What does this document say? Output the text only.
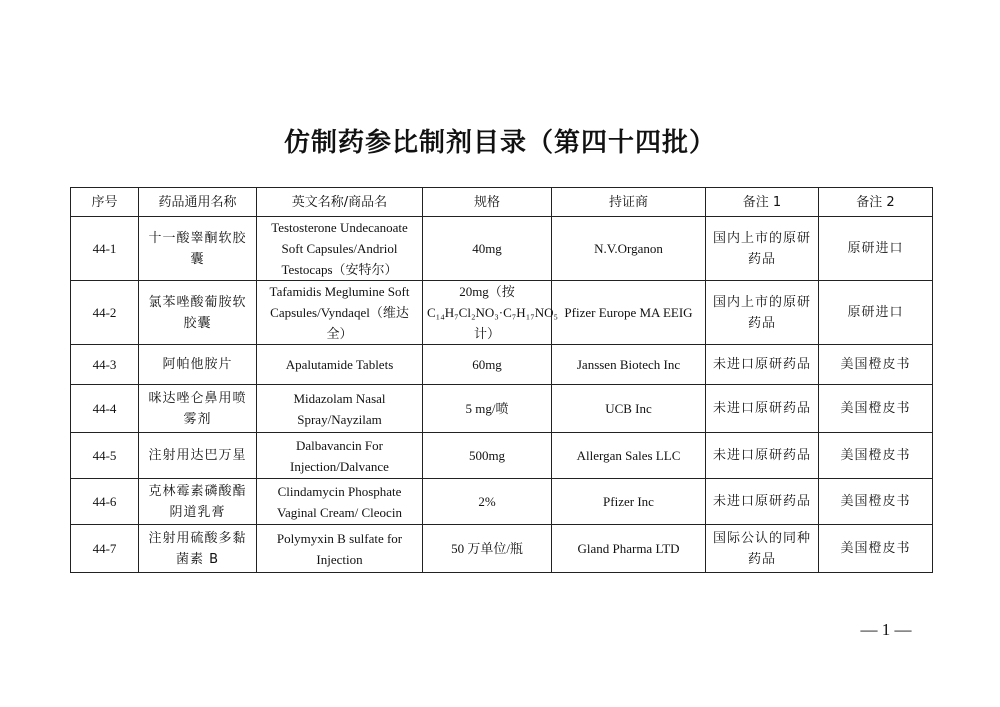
仿制药参比制剂目录（第四十四批）
序号	药品通用名称	英文名称/商品名	规格	持证商	备注 1	备注 2
44-1	十一酸睾酮软胶囊	Testosterone Undecanoate Soft Capsules/Andriol Testocaps（安特尔）	40mg	N.V.Organon	国内上市的原研药品	原研进口
44-2	氯苯唑酸葡胺软胶囊	Tafamidis Meglumine Soft Capsules/Vyndaqel（维达全）	20mg（按C₁₄H₇Cl₂NO₃·C₇H₁₇NO₅计）	Pfizer Europe MA EEIG	国内上市的原研药品	原研进口
44-3	阿帕他胺片	Apalutamide Tablets	60mg	Janssen Biotech Inc	未进口原研药品	美国橙皮书
44-4	咪达唑仑鼻用喷雾剂	Midazolam Nasal Spray/Nayzilam	5 mg/喷	UCB Inc	未进口原研药品	美国橙皮书
44-5	注射用达巴万星	Dalbavancin For Injection/Dalvance	500mg	Allergan Sales LLC	未进口原研药品	美国橙皮书
44-6	克林霉素磷酸酯阴道乳膏	Clindamycin Phosphate Vaginal Cream/ Cleocin	2%	Pfizer Inc	未进口原研药品	美国橙皮书
44-7	注射用硫酸多黏菌素 B	Polymyxin B sulfate for Injection	50 万单位/瓶	Gland Pharma LTD	国际公认的同种药品	美国橙皮书
— 1 —
